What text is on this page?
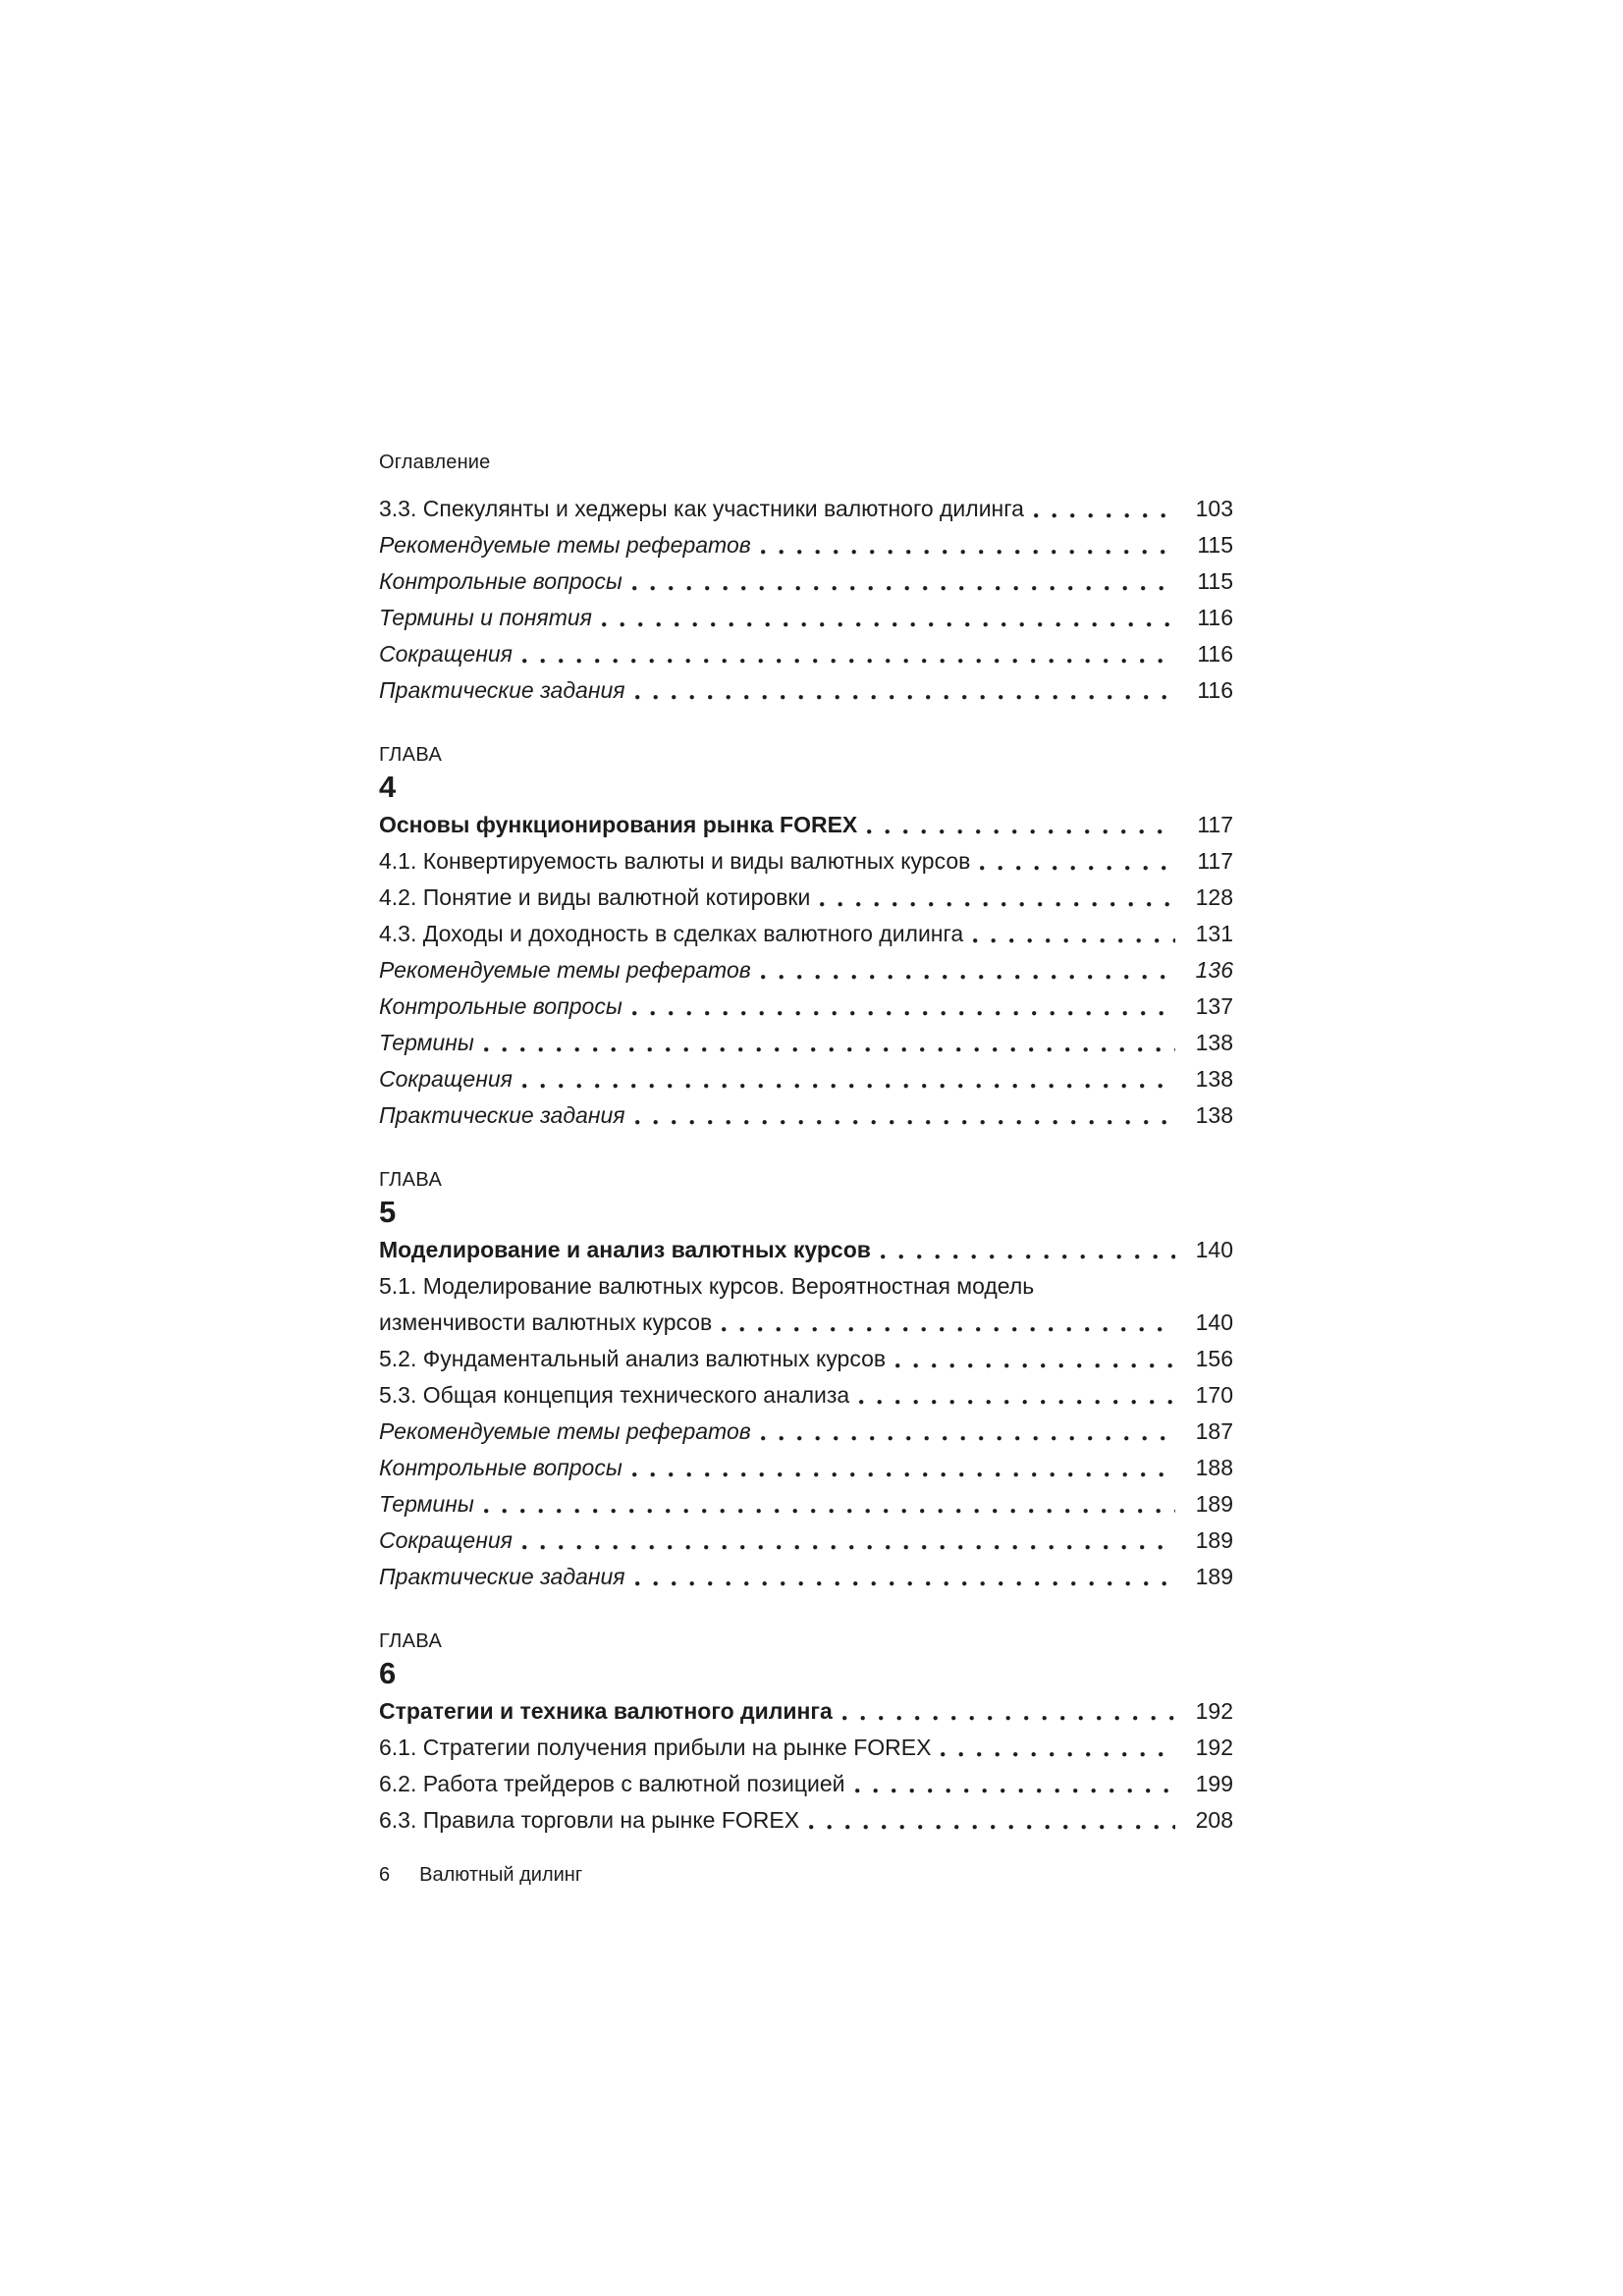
Оглавление
3.3. Спекулянты и хеджеры как участники валютного дилинга	103
Рекомендуемые темы рефератов	115
Контрольные вопросы	115
Термины и понятия	116
Сокращения	116
Практические задания	116
ГЛАВА
4
Основы функционирования рынка FOREX	117
4.1. Конвертируемость валюты и виды валютных курсов	117
4.2. Понятие и виды валютной котировки	128
4.3. Доходы и доходность в сделках валютного дилинга	131
Рекомендуемые темы рефератов	136
Контрольные вопросы	137
Термины	138
Сокращения	138
Практические задания	138
ГЛАВА
5
Моделирование и анализ валютных курсов	140
5.1. Моделирование валютных курсов. Вероятностная модель
изменчивости валютных курсов	140
5.2. Фундаментальный анализ валютных курсов	156
5.3. Общая концепция технического анализа	170
Рекомендуемые темы рефератов	187
Контрольные вопросы	188
Термины	189
Сокращения	189
Практические задания	189
ГЛАВА
6
Стратегии и техника валютного дилинга	192
6.1. Стратегии получения прибыли на рынке FOREX	192
6.2. Работа трейдеров с валютной позицией	199
6.3. Правила торговли на рынке FOREX	208
6 Валютный дилинг
